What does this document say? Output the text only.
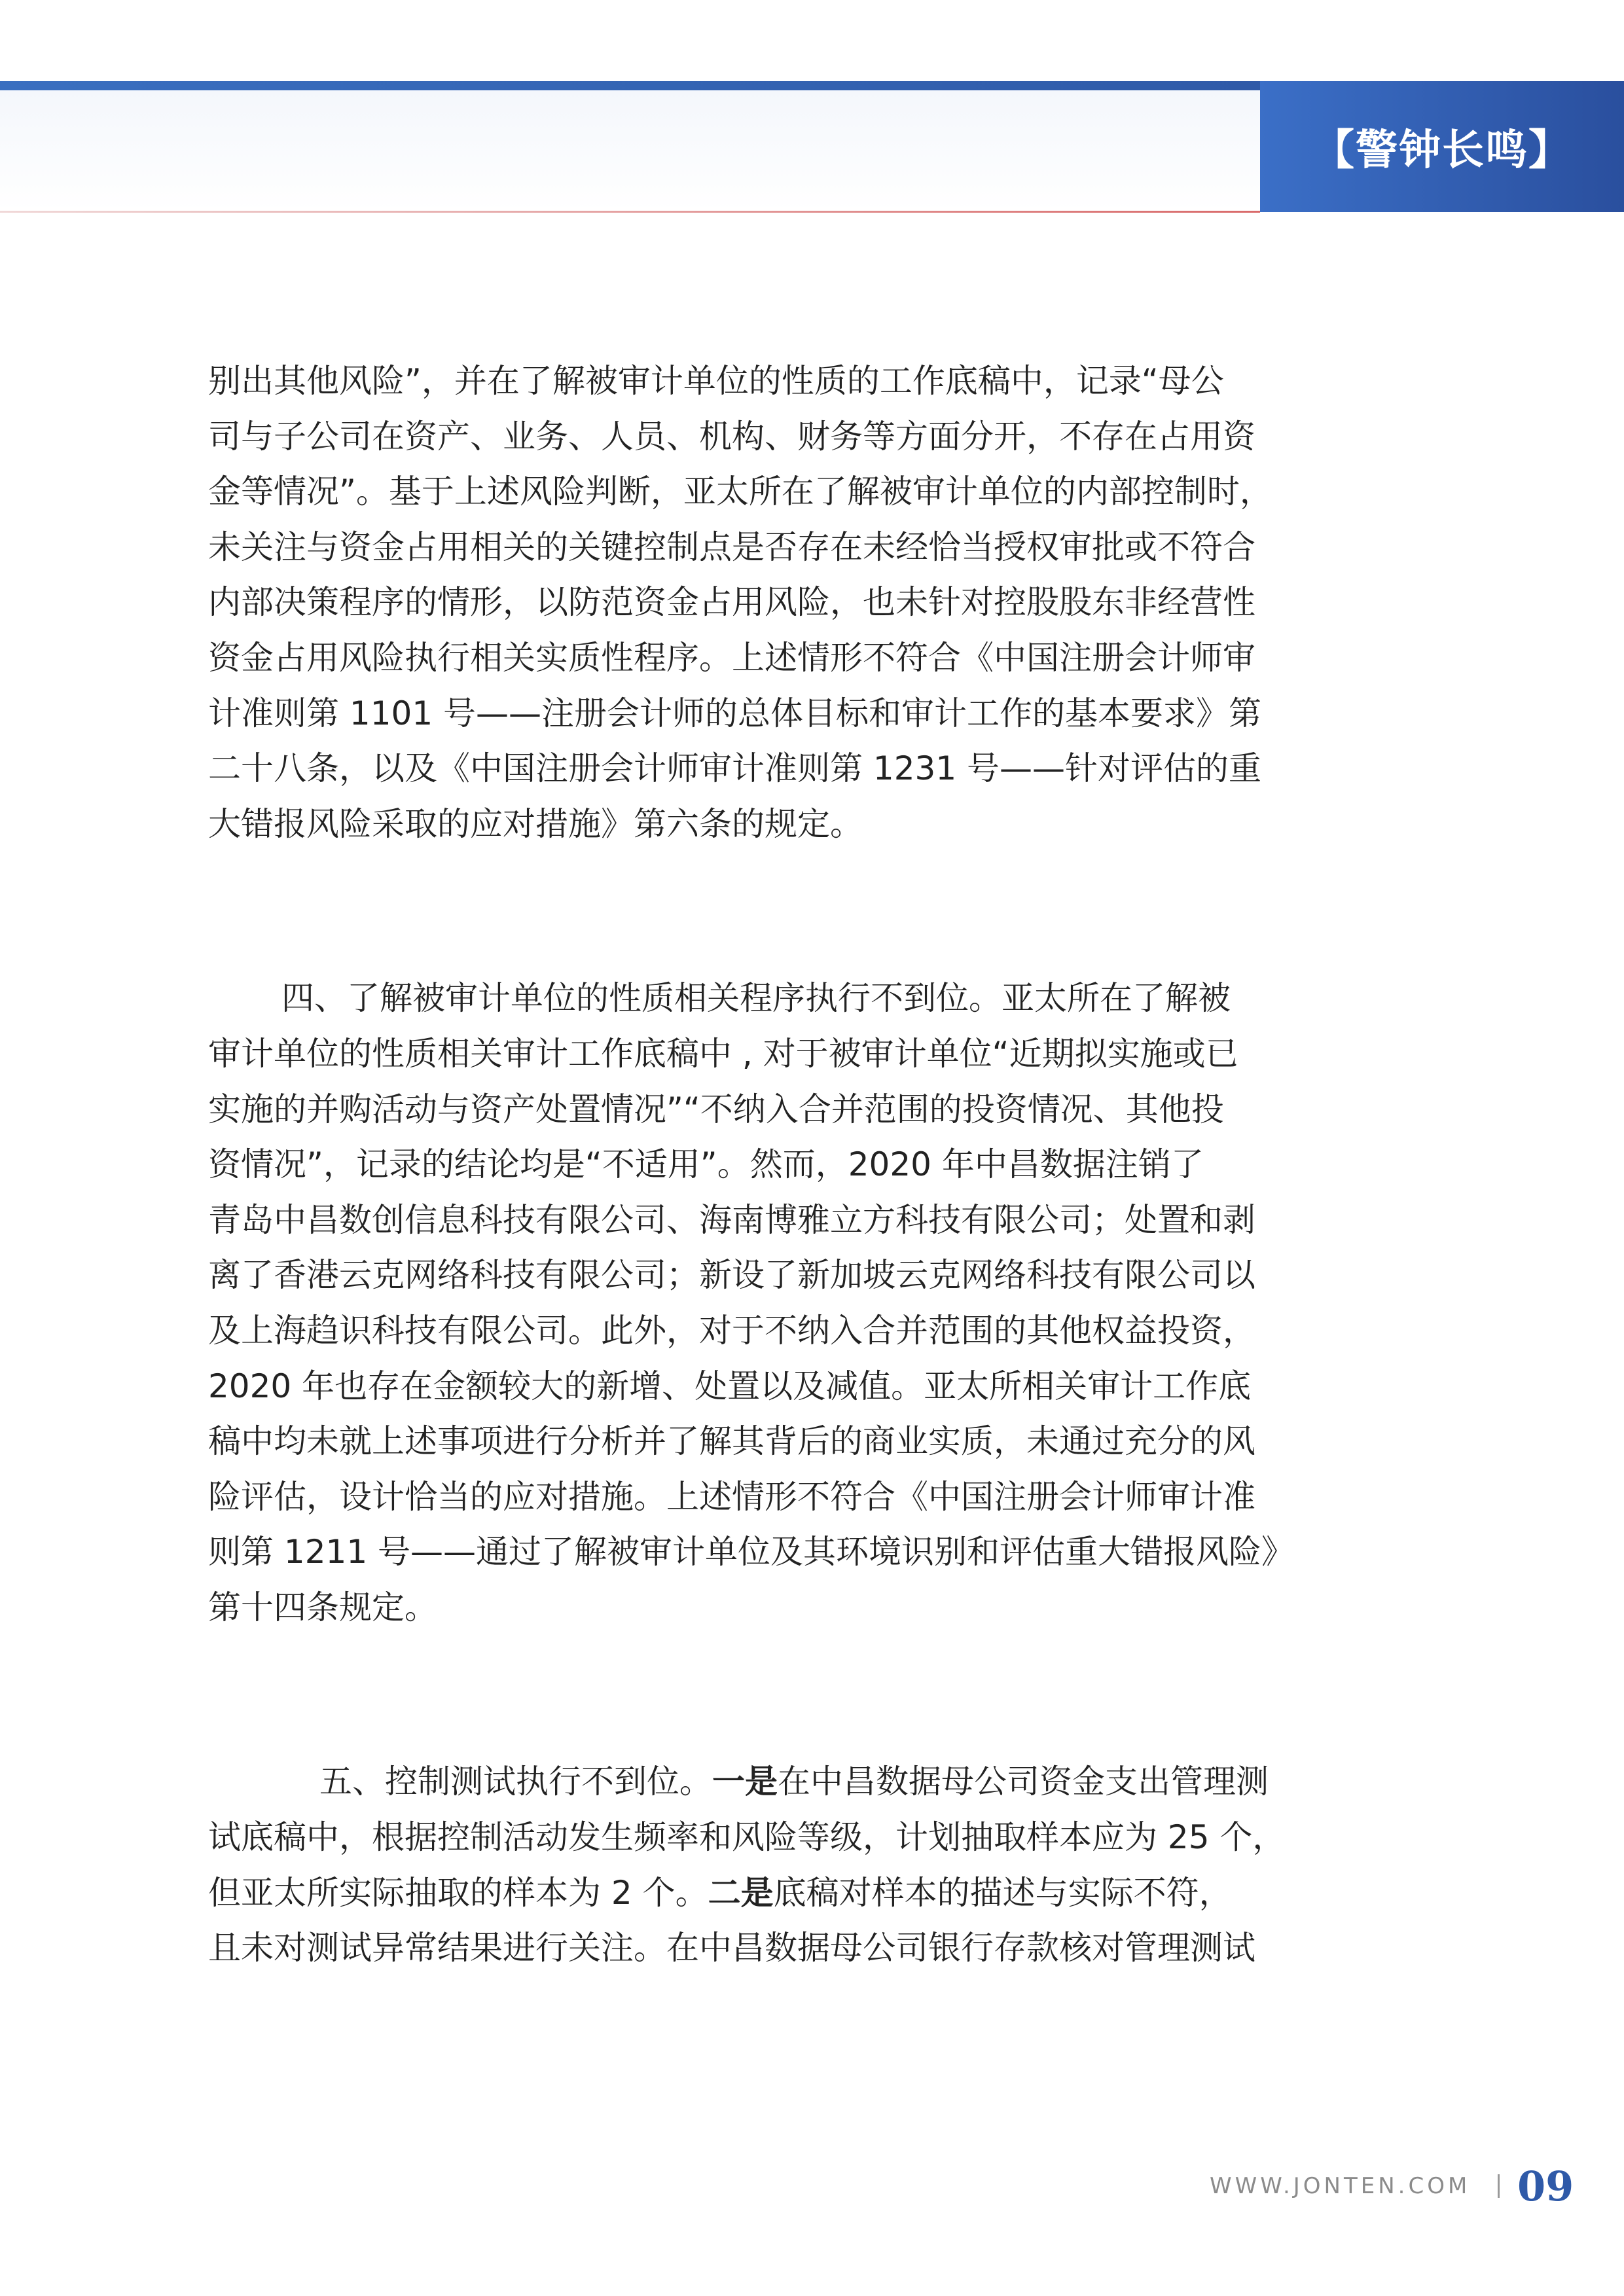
【警钟长鸣】
别出其他风险”，并在了解被审计单位的性质的工作底稿中，记录“母公
司与子公司在资产、业务、人员、机构、财务等方面分开，不存在占用资
金等情况”。基于上述风险判断，亚太所在了解被审计单位的内部控制时，
未关注与资金占用相关的关键控制点是否存在未经恰当授权审批或不符合
内部决策程序的情形，以防范资金占用风险，也未针对控股股东非经营性
资金占用风险执行相关实质性程序。上述情形不符合《中国注册会计师审
计准则第 1101 号——注册会计师的总体目标和审计工作的基本要求》第
二十八条，以及《中国注册会计师审计准则第 1231 号——针对评估的重
大错报风险采取的应对措施》第六条的规定。
四、了解被审计单位的性质相关程序执行不到位。亚太所在了解被
审计单位的性质相关审计工作底稿中 , 对于被审计单位“近期拟实施或已
实施的并购活动与资产处置情况”“不纳入合并范围的投资情况、其他投
资情况”，记录的结论均是“不适用”。然而，2020 年中昌数据注销了
青岛中昌数创信息科技有限公司、海南博雅立方科技有限公司；处置和剥
离了香港云克网络科技有限公司；新设了新加坡云克网络科技有限公司以
及上海趋识科技有限公司。此外，对于不纳入合并范围的其他权益投资，
2020 年也存在金额较大的新增、处置以及减值。亚太所相关审计工作底
稿中均未就上述事项进行分析并了解其背后的商业实质，未通过充分的风
险评估，设计恰当的应对措施。上述情形不符合《中国注册会计师审计准
则第 1211 号——通过了解被审计单位及其环境识别和评估重大错报风险》
第十四条规定。
五、控制测试执行不到位。一是在中昌数据母公司资金支出管理测
试底稿中，根据控制活动发生频率和风险等级，计划抽取样本应为 25 个，
但亚太所实际抽取的样本为 2 个。二是底稿对样本的描述与实际不符，
且未对测试异常结果进行关注。在中昌数据母公司银行存款核对管理测试
WWW.JONTEN.COM 09
